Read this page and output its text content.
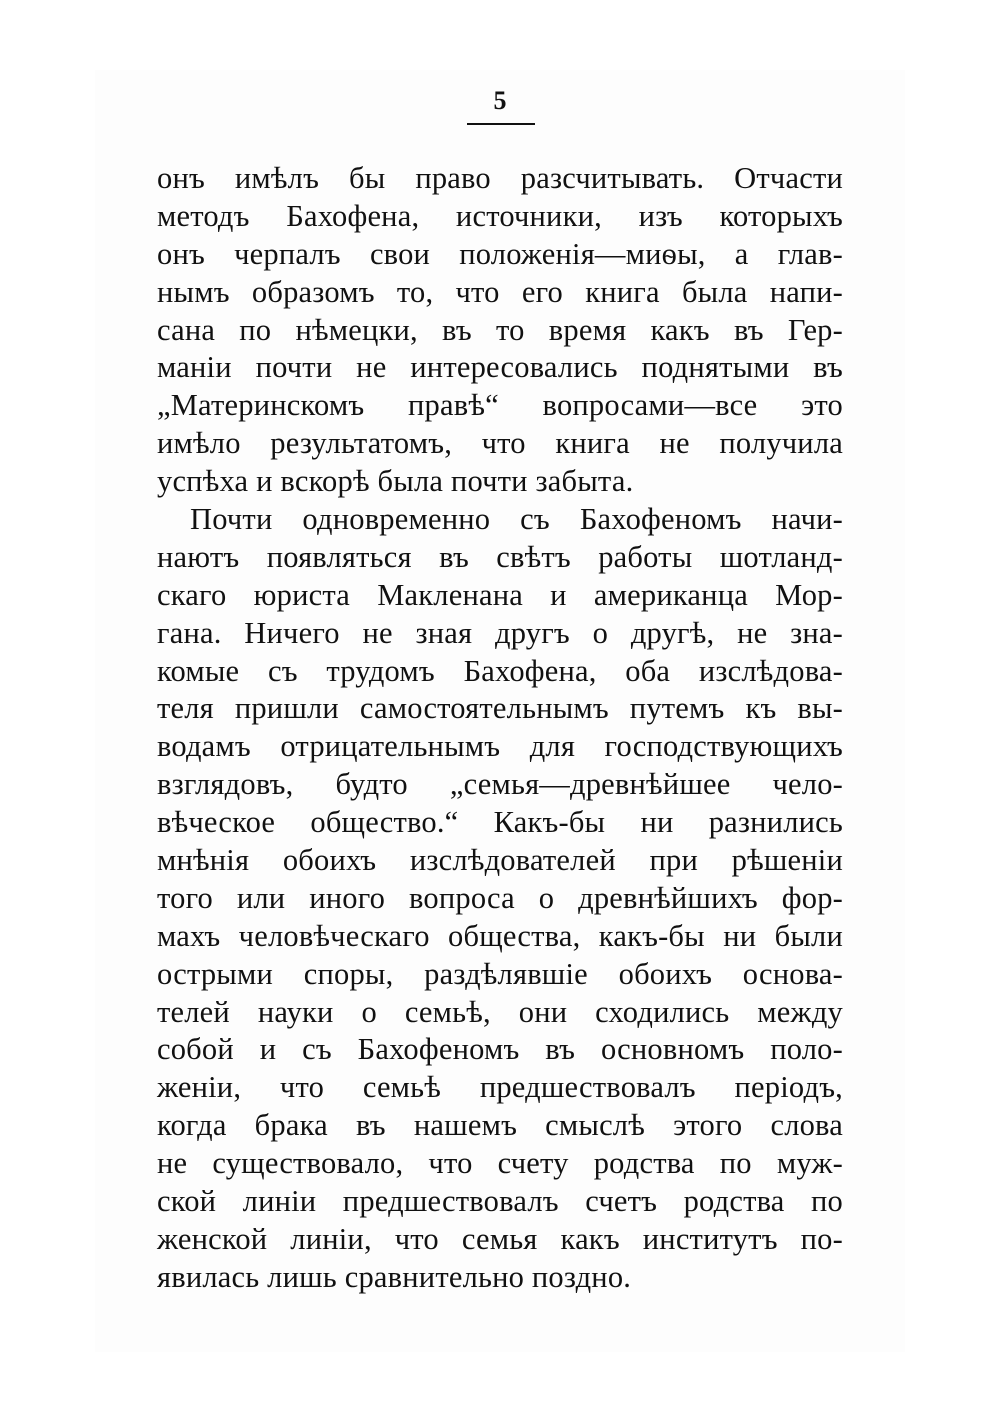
5
онъ имѣлъ бы право разсчитывать. Отчасти
методъ Бахофена, источники, изъ которыхъ
онъ черпалъ свои положенія—миѳы, а глав-
нымъ образомъ то, что его книга была напи-
сана по нѣмецки, въ то время какъ въ Гер-
маніи почти не интересовались поднятыми въ
„Материнскомъ правѣ“ вопросами—все это
имѣло результатомъ, что книга не получила
успѣха и вскорѣ была почти забыта.
Почти одновременно съ Бахофеномъ начи-
наютъ появляться въ свѣтъ работы шотланд-
скаго юриста Макленана и американца Мор-
гана. Ничего не зная другъ о другѣ, не зна-
комые съ трудомъ Бахофена, оба изслѣдова-
теля пришли самостоятельнымъ путемъ къ вы-
водамъ отрицательнымъ для господствующихъ
взглядовъ, будто „семья—древнѣйшее чело-
вѣческое общество.“ Какъ-бы ни разнились
мнѣнія обоихъ изслѣдователей при рѣшеніи
того или иного вопроса о древнѣйшихъ фор-
махъ человѣческаго общества, какъ-бы ни были
острыми споры, раздѣлявшіе обоихъ основа-
телей науки о семьѣ, они сходились между
собой и съ Бахофеномъ въ основномъ поло-
женіи, что семьѣ предшествовалъ періодъ,
когда брака въ нашемъ смыслѣ этого слова
не существовало, что счету родства по муж-
ской линіи предшествовалъ счетъ родства по
женской линіи, что семья какъ институтъ по-
явилась лишь сравнительно поздно.
